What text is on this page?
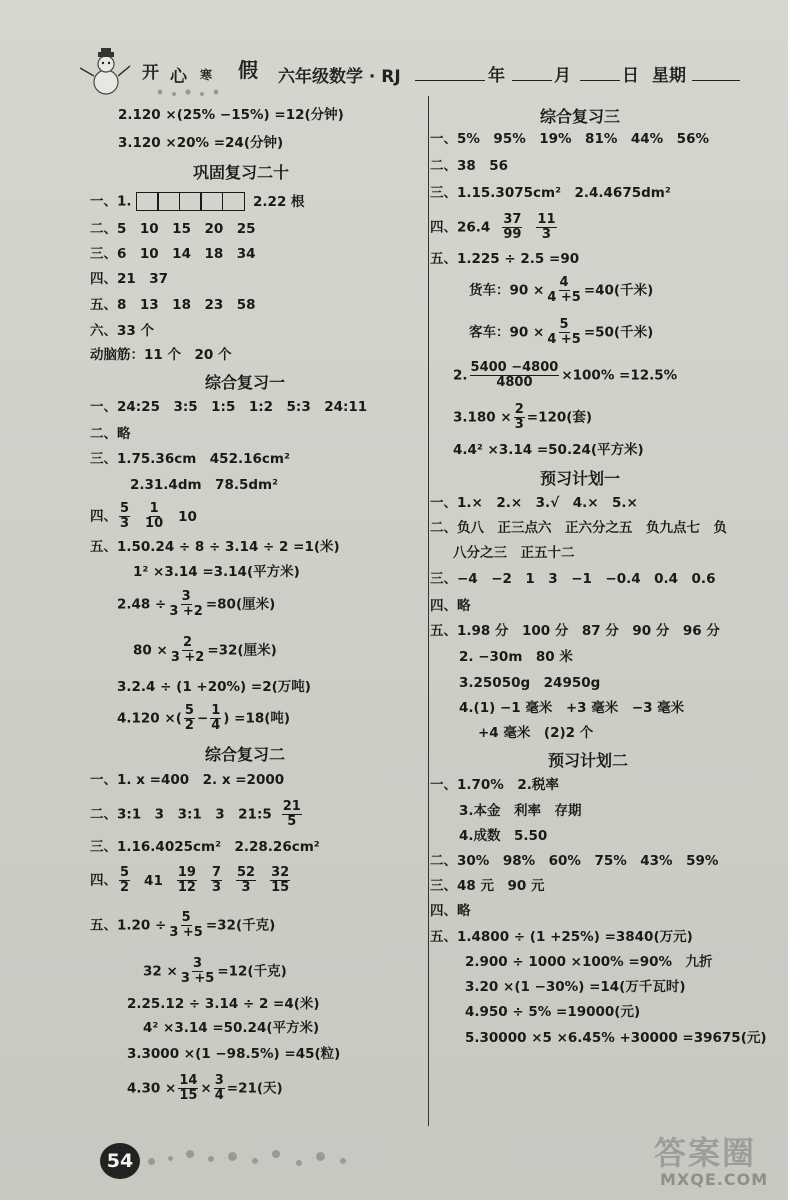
开 心 寒 假 六年级数学 · RJ	年	月	日 星期
2.120 ×(25% −15%) =12(分钟)
3.120 ×20% =24(分钟)
巩固复习二十
一、1.	2.22 根
二、5　10　15　20　25
三、6　10　14　18　34
四、21　37
五、8　13　18　23　58
六、33 个
动脑筋：11 个　20 个
综合复习一
一、24:25　3:5　1:5　1:2　5:3　24:11
二、略
三、1.75.36cm　452.16cm²
2.31.4dm　78.5dm²
四、 $\frac{5}{3} \frac{1}{10} 10$
五、1.50.24 ÷ 8 ÷ 3.14 ÷ 2 =1(米)
1² ×3.14 =3.14(平方米)
$2.48 \div \frac{3}{3 +2} =80$(厘米)
$80 \times \frac{2}{3 +2} =32$(厘米)
3.2.4 ÷ (1 +20%) =2(万吨)
4.120 ×( $\frac{5}{2} - \frac{1}{4}$ ) =18(吨)
综合复习二
一、1. x =400　2. x =2000
二、3:1　3　3:1　3　21:5 $\frac{21}{5}$
三、1.16.4025cm²　2.28.26cm²
四、 $\frac{5}{2} 41 \frac{19}{12} \frac{7}{3} \frac{52}{3} \frac{32}{15}$
五、$1.20 \div \frac{5}{3 +5} =32$(千克)
$32 \times \frac{3}{3 +5} =12$(千克)
2.25.12 ÷ 3.14 ÷ 2 =4(米)
4² ×3.14 =50.24(平方米)
3.3000 ×(1 −98.5%) =45(粒)
$4.30 \times \frac{14}{15} \times \frac{3}{4} =21$(天)
综合复习三
一、5%　95%　19%　81%　44%　56%
二、38　56
三、1.15.3075cm²　2.4.4675dm²
四、$26.4 \frac{37}{99} \frac{11}{3}$
五、1.225 ÷ 2.5 =90
货车：$90 \times \frac{4}{4 +5} =40$(千米)
客车：$90 \times \frac{5}{4 +5} =50$(千米)
2. $\frac{5400 -4800}{4800} \times 100\% =12.5\%$
$3.180 \times \frac{2}{3} =120$(套)
4.4² ×3.14 =50.24(平方米)
预习计划一
一、1.×　2.×　3.√　4.×　5.×
二、负八　正三点六　正六分之五　负九点七　负
八分之三　正五十二
三、−4　−2　1　3　−1　−0.4　0.4　0.6
四、略
五、1.98 分　100 分　87 分　90 分　96 分
2. −30m　80 米
3.25050g　24950g
4.(1) −1 毫米　+3 毫米　−3 毫米
+4 毫米　(2)2 个
预习计划二
一、1.70%　2.税率
3.本金　利率　存期
4.成数　5.50
二、30%　98%　60%　75%　43%　59%
三、48 元　90 元
四、略
五、1.4800 ÷ (1 +25%) =3840(万元)
2.900 ÷ 1000 ×100% =90%　九折
3.20 ×(1 −30%) =14(万千瓦时)
4.950 ÷ 5% =19000(元)
5.30000 ×5 ×6.45% +30000 =39675(元)
54	答案圈
MXQE.COM
